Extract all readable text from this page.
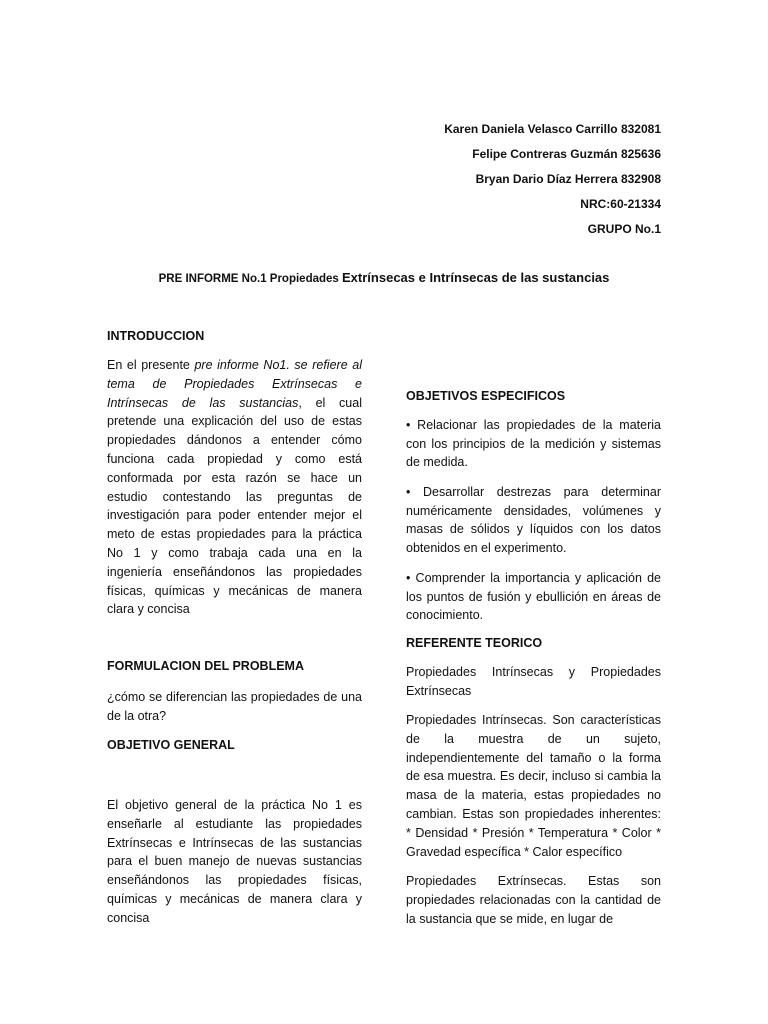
Karen Daniela Velasco Carrillo 832081
Felipe Contreras Guzmán 825636
Bryan Dario Díaz Herrera 832908
NRC:60-21334
GRUPO No.1
PRE INFORME No.1 Propiedades Extrínsecas e Intrínsecas de las sustancias
INTRODUCCION

En el presente pre informe No1. se refiere al tema de Propiedades Extrínsecas e Intrínsecas de las sustancias, el cual pretende una explicación del uso de estas propiedades dándonos a entender cómo funciona cada propiedad y como está conformada por esta razón se hace un estudio contestando las preguntas de investigación para poder entender mejor el meto de estas propiedades para la práctica No 1 y como trabaja cada una en la ingeniería enseñándonos las propiedades físicas, químicas y mecánicas de manera clara y concisa

FORMULACION DEL PROBLEMA
¿cómo se diferencian las propiedades de una de la otra?
OBJETIVO GENERAL
El objetivo general de la práctica No 1 es enseñarle al estudiante las propiedades Extrínsecas e Intrínsecas de las sustancias para el buen manejo de nuevas sustancias enseñándonos las propiedades físicas, químicas y mecánicas de manera clara y concisa
OBJETIVOS ESPECIFICOS
• Relacionar las propiedades de la materia con los principios de la medición y sistemas de medida.
• Desarrollar destrezas para determinar numéricamente densidades, volúmenes y masas de sólidos y líquidos con los datos obtenidos en el experimento.
• Comprender la importancia y aplicación de los puntos de fusión y ebullición en áreas de conocimiento.
REFERENTE TEORICO
Propiedades Intrínsecas y Propiedades Extrínsecas
Propiedades Intrínsecas. Son características de la muestra de un sujeto, independientemente del tamaño o la forma de esa muestra. Es decir, incluso si cambia la masa de la materia, estas propiedades no cambian. Estas son propiedades inherentes: * Densidad * Presión * Temperatura * Color * Gravedad específica * Calor específico
Propiedades Extrínsecas. Estas son propiedades relacionadas con la cantidad de la sustancia que se mide, en lugar de
